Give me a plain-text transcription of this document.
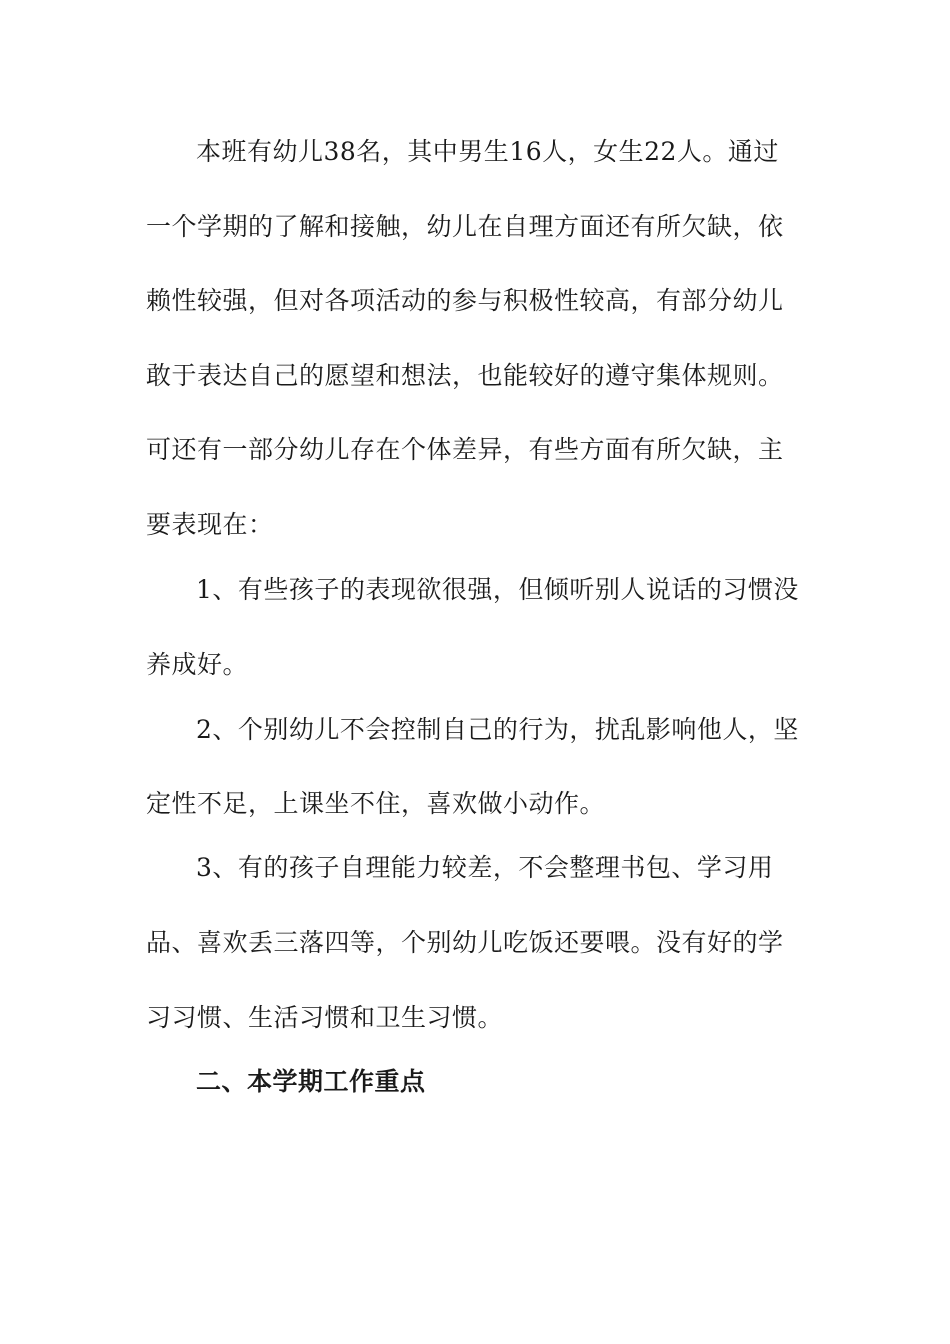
本班有幼儿38名，其中男生16人，女生22人。通过
一个学期的了解和接触，幼儿在自理方面还有所欠缺，依
赖性较强，但对各项活动的参与积极性较高，有部分幼儿
敢于表达自己的愿望和想法，也能较好的遵守集体规则。
可还有一部分幼儿存在个体差异，有些方面有所欠缺，主
要表现在：
1、有些孩子的表现欲很强，但倾听别人说话的习惯没
养成好。
2、个别幼儿不会控制自己的行为，扰乱影响他人，坚
定性不足，上课坐不住，喜欢做小动作。
3、有的孩子自理能力较差，不会整理书包、学习用
品、喜欢丢三落四等，个别幼儿吃饭还要喂。没有好的学
习习惯、生活习惯和卫生习惯。
二、本学期工作重点
